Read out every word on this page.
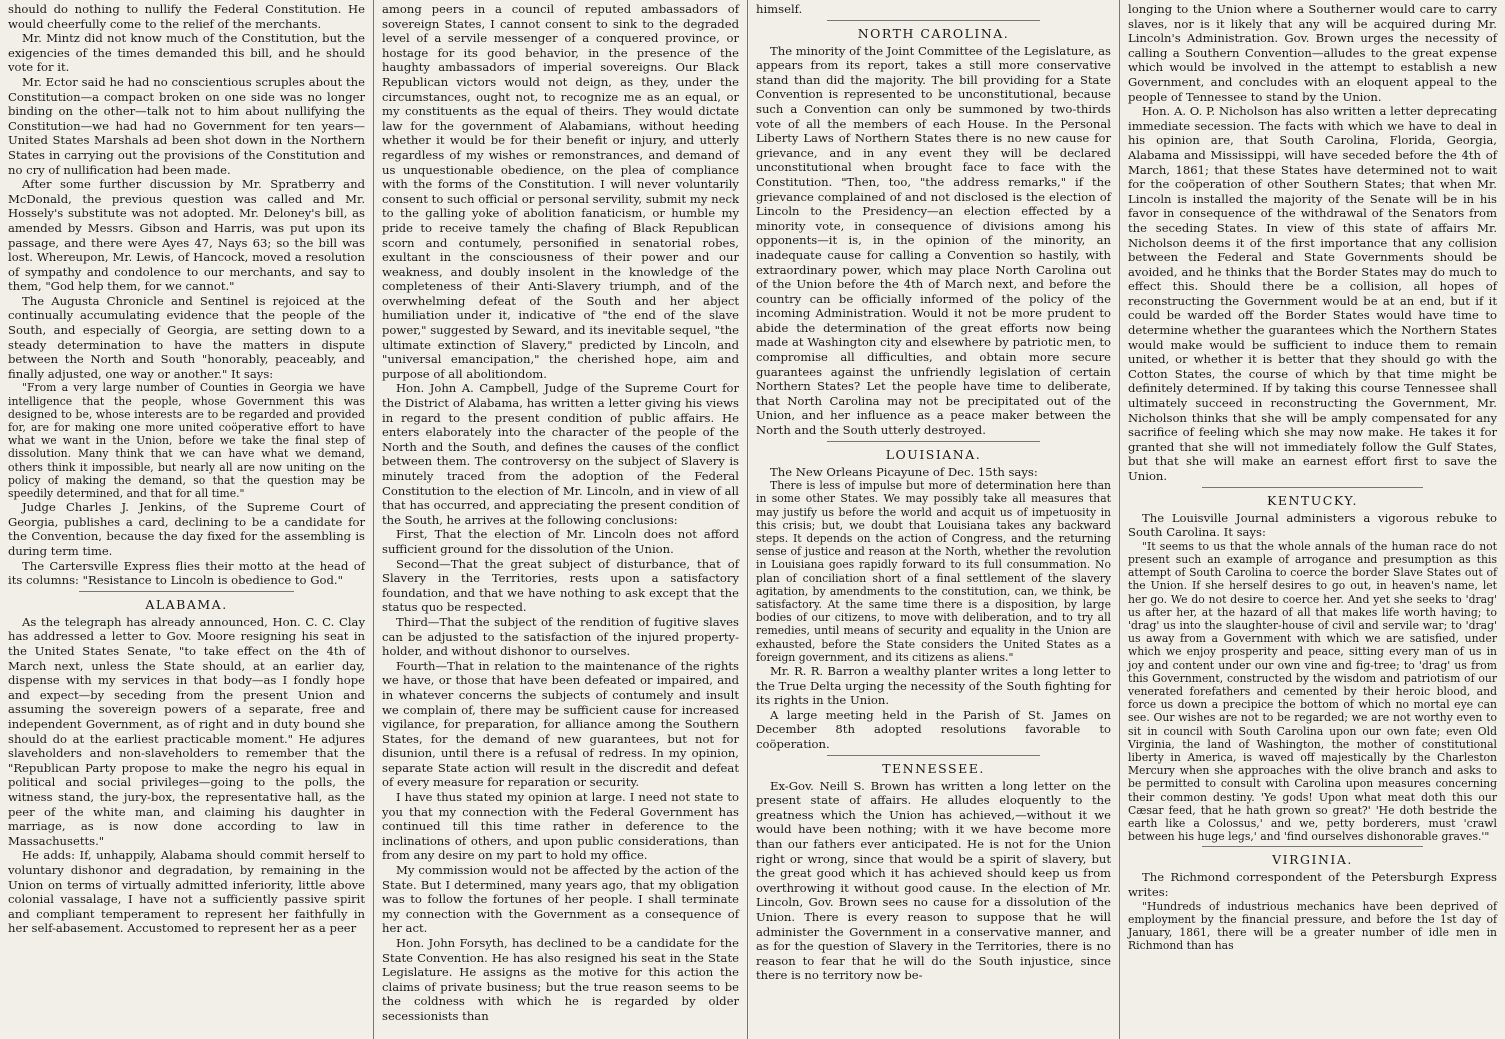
should do nothing to nullify the Federal Constitution. He would cheerfully come to the relief of the merchants.

Mr. Mintz did not know much of the Constitution, but the exigencies of the times demanded this bill, and he should vote for it.

Mr. Ector said he had no conscientious scruples about the Constitution—a compact broken on one side was no longer binding on the other—talk not to him about nullifying the Constitution—we had had no Government for ten years—United States Marshals ad been shot down in the Northern States in carrying out the provisions of the Constitution and no cry of nullification had been made.

After some further discussion by Mr. Spratberry and McDonald, the previous question was called and Mr. Hossely's substitute was not adopted. Mr. Deloney's bill, as amended by Messrs. Gibson and Harris, was put upon its passage, and there were Ayes 47, Nays 63; so the bill was lost. Whereupon, Mr. Lewis, of Hancock, moved a resolution of sympathy and condolence to our merchants, and say to them, "God help them, for we cannot."

The Augusta Chronicle and Sentinel is rejoiced at the continually accumulating evidence that the people of the South, and especially of Georgia, are setting down to a steady determination to have the matters in dispute between the North and South "honorably, peaceably, and finally adjusted, one way or another." It says:

"From a very large number of Counties in Georgia we have intelligence that the people, whose Government this was designed to be, whose interests are to be regarded and provided for, are for making one more united coöperative effort to have what we want in the Union, before we take the final step of dissolution. Many think that we can have what we demand, others think it impossible, but nearly all are now uniting on the policy of making the demand, so that the question may be speedily determined, and that for all time."

Judge Charles J. Jenkins, of the Supreme Court of Georgia, publishes a card, declining to be a candidate for the Convention, because the day fixed for the assembling is during term time.

The Cartersville Express flies their motto at the head of its columns: "Resistance to Lincoln is obedience to God."

ALABAMA.

As the telegraph has already announced, Hon. C. C. Clay has addressed a letter to Gov. Moore resigning his seat in the United States Senate, "to take effect on the 4th of March next, unless the State should, at an earlier day, dispense with my services in that body—as I fondly hope and expect—by seceding from the present Union and assuming the sovereign powers of a separate, free and independent Government, as of right and in duty bound she should do at the earliest practicable moment." He adjures slaveholders and non-slaveholders to remember that the "Republican Party propose to make the negro his equal in political and social privileges—going to the polls, the witness stand, the jury-box, the representative hall, as the peer of the white man, and claiming his daughter in marriage, as is now done according to law in Massachusetts."

He adds: If, unhappily, Alabama should commit herself to voluntary dishonor and degradation, by remaining in the Union on terms of virtually admitted inferiority, little above colonial vassalage, I have not a sufficiently passive spirit and compliant temperament to represent her faithfully in her self-abasement. Accustomed to represent her as a peer

among peers in a council of reputed ambassadors of sovereign States, I cannot consent to sink to the degraded level of a servile messenger of a conquered province, or hostage for its good behavior, in the presence of the haughty ambassadors of imperial sovereigns. Our Black Republican victors would not deign, as they, under the circumstances, ought not, to recognize me as an equal, or my constituents as the equal of theirs. They would dictate law for the government of Alabamians, without heeding whether it would be for their benefit or injury, and utterly regardless of my wishes or remonstrances, and demand of us unquestionable obedience, on the plea of compliance with the forms of the Constitution. I will never voluntarily consent to such official or personal servility, submit my neck to the galling yoke of abolition fanaticism, or humble my pride to receive tamely the chafing of Black Republican scorn and contumely, personified in senatorial robes, exultant in the consciousness of their power and our weakness, and doubly insolent in the knowledge of the completeness of their Anti-Slavery triumph, and of the overwhelming defeat of the South and her abject humiliation under it, indicative of "the end of the slave power," suggested by Seward, and its inevitable sequel, "the ultimate extinction of Slavery," predicted by Lincoln, and "universal emancipation," the cherished hope, aim and purpose of all abolitiondom.

Hon. John A. Campbell, Judge of the Supreme Court for the District of Alabama, has written a letter giving his views in regard to the present condition of public affairs. He enters elaborately into the character of the people of the North and the South, and defines the causes of the conflict between them. The controversy on the subject of Slavery is minutely traced from the adoption of the Federal Constitution to the election of Mr. Lincoln, and in view of all that has occurred, and appreciating the present condition of the South, he arrives at the following conclusions:

First, That the election of Mr. Lincoln does not afford sufficient ground for the dissolution of the Union.

Second—That the great subject of disturbance, that of Slavery in the Territories, rests upon a satisfactory foundation, and that we have nothing to ask except that the status quo be respected.

Third—That the subject of the rendition of fugitive slaves can be adjusted to the satisfaction of the injured property-holder, and without dishonor to ourselves.

Fourth—That in relation to the maintenance of the rights we have, or those that have been defeated or impaired, and in whatever concerns the subjects of contumely and insult we complain of, there may be sufficient cause for increased vigilance, for preparation, for alliance among the Southern States, for the demand of new guarantees, but not for disunion, until there is a refusal of redress. In my opinion, separate State action will result in the discredit and defeat of every measure for reparation or security.

I have thus stated my opinion at large. I need not state to you that my connection with the Federal Government has continued till this time rather in deference to the inclinations of others, and upon public considerations, than from any desire on my part to hold my office.

My commission would not be affected by the action of the State. But I determined, many years ago, that my obligation was to follow the fortunes of her people. I shall terminate my connection with the Government as a consequence of her act.

Hon. John Forsyth, has declined to be a candidate for the State Convention. He has also resigned his seat in the State Legislature. He assigns as the motive for this action the claims of private business; but the true reason seems to be the coldness with which he is regarded by older secessionists than

himself.

NORTH CAROLINA.

The minority of the Joint Committee of the Legislature, as appears from its report, takes a still more conservative stand than did the majority. The bill providing for a State Convention is represented to be unconstitutional, because such a Convention can only be summoned by two-thirds vote of all the members of each House. In the Personal Liberty Laws of Northern States there is no new cause for grievance, and in any event they will be declared unconstitutional when brought face to face with the Constitution. "Then, too, "the address remarks," if the grievance complained of and not disclosed is the election of Lincoln to the Presidency—an election effected by a minority vote, in consequence of divisions among his opponents—it is, in the opinion of the minority, an inadequate cause for calling a Convention so hastily, with extraordinary power, which may place North Carolina out of the Union before the 4th of March next, and before the country can be officially informed of the policy of the incoming Administration. Would it not be more prudent to abide the determination of the great efforts now being made at Washington city and elsewhere by patriotic men, to compromise all difficulties, and obtain more secure guarantees against the unfriendly legislation of certain Northern States? Let the people have time to deliberate, that North Carolina may not be precipitated out of the Union, and her influence as a peace maker between the North and the South utterly destroyed.

LOUISIANA.

The New Orleans Picayune of Dec. 15th says:

There is less of impulse but more of determination here than in some other States. We may possibly take all measures that may justify us before the world and acquit us of impetuosity in this crisis; but, we doubt that Louisiana takes any backward steps. It depends on the action of Congress, and the returning sense of justice and reason at the North, whether the revolution in Louisiana goes rapidly forward to its full consummation. No plan of conciliation short of a final settlement of the slavery agitation, by amendments to the constitution, can, we think, be satisfactory. At the same time there is a disposition, by large bodies of our citizens, to move with deliberation, and to try all remedies, until means of security and equality in the Union are exhausted, before the State considers the United States as a foreign government, and its citizens as aliens."

Mr. R. R. Barron a wealthy planter writes a long letter to the True Delta urging the necessity of the South fighting for its rights in the Union.

A large meeting held in the Parish of St. James on December 8th adopted resolutions favorable to coöperation.

TENNESSEE.

Ex-Gov. Neill S. Brown has written a long letter on the present state of affairs. He alludes eloquently to the greatness which the Union has achieved,—without it we would have been nothing; with it we have become more than our fathers ever anticipated. He is not for the Union right or wrong, since that would be a spirit of slavery, but the great good which it has achieved should keep us from overthrowing it without good cause. In the election of Mr. Lincoln, Gov. Brown sees no cause for a dissolution of the Union. There is every reason to suppose that he will administer the Government in a conservative manner, and as for the question of Slavery in the Territories, there is no reason to fear that he will do the South injustice, since there is no territory now be-

longing to the Union where a Southerner would care to carry slaves, nor is it likely that any will be acquired during Mr. Lincoln's Administration. Gov. Brown urges the necessity of calling a Southern Convention—alludes to the great expense which would be involved in the attempt to establish a new Government, and concludes with an eloquent appeal to the people of Tennessee to stand by the Union.

Hon. A. O. P. Nicholson has also written a letter deprecating immediate secession. The facts with which we have to deal in his opinion are, that South Carolina, Florida, Georgia, Alabama and Mississippi, will have seceded before the 4th of March, 1861; that these States have determined not to wait for the coöperation of other Southern States; that when Mr. Lincoln is installed the majority of the Senate will be in his favor in consequence of the withdrawal of the Senators from the seceding States. In view of this state of affairs Mr. Nicholson deems it of the first importance that any collision between the Federal and State Governments should be avoided, and he thinks that the Border States may do much to effect this. Should there be a collision, all hopes of reconstructing the Government would be at an end, but if it could be warded off the Border States would have time to determine whether the guarantees which the Northern States would make would be sufficient to induce them to remain united, or whether it is better that they should go with the Cotton States, the course of which by that time might be definitely determined. If by taking this course Tennessee shall ultimately succeed in reconstructing the Government, Mr. Nicholson thinks that she will be amply compensated for any sacrifice of feeling which she may now make. He takes it for granted that she will not immediately follow the Gulf States, but that she will make an earnest effort first to save the Union.

KENTUCKY.

The Louisville Journal administers a vigorous rebuke to South Carolina. It says:

"It seems to us that the whole annals of the human race do not present such an example of arrogance and presumption as this attempt of South Carolina to coerce the border Slave States out of the Union. If she herself desires to go out, in heaven's name, let her go. We do not desire to coerce her. And yet she seeks to 'drag' us after her, at the hazard of all that makes life worth having; to 'drag' us into the slaughter-house of civil and servile war; to 'drag' us away from a Government with which we are satisfied, under which we enjoy prosperity and peace, sitting every man of us in joy and content under our own vine and fig-tree; to 'drag' us from this Government, constructed by the wisdom and patriotism of our venerated forefathers and cemented by their heroic blood, and force us down a precipice the bottom of which no mortal eye can see. Our wishes are not to be regarded; we are not worthy even to sit in council with South Carolina upon our own fate; even Old Virginia, the land of Washington, the mother of constitutional liberty in America, is waved off majestically by the Charleston Mercury when she approaches with the olive branch and asks to be permitted to consult with Carolina upon measures concerning their common destiny. 'Ye gods! Upon what meat doth this our Cæsar feed, that he hath grown so great?' 'He doth bestride the earth like a Colossus,' and we, petty borderers, must 'crawl between his huge legs,' and 'find ourselves dishonorable graves.'"

VIRGINIA.

The Richmond correspondent of the Petersburgh Express writes:

"Hundreds of industrious mechanics have been deprived of employment by the financial pressure, and before the 1st day of January, 1861, there will be a greater number of idle men in Richmond than has
